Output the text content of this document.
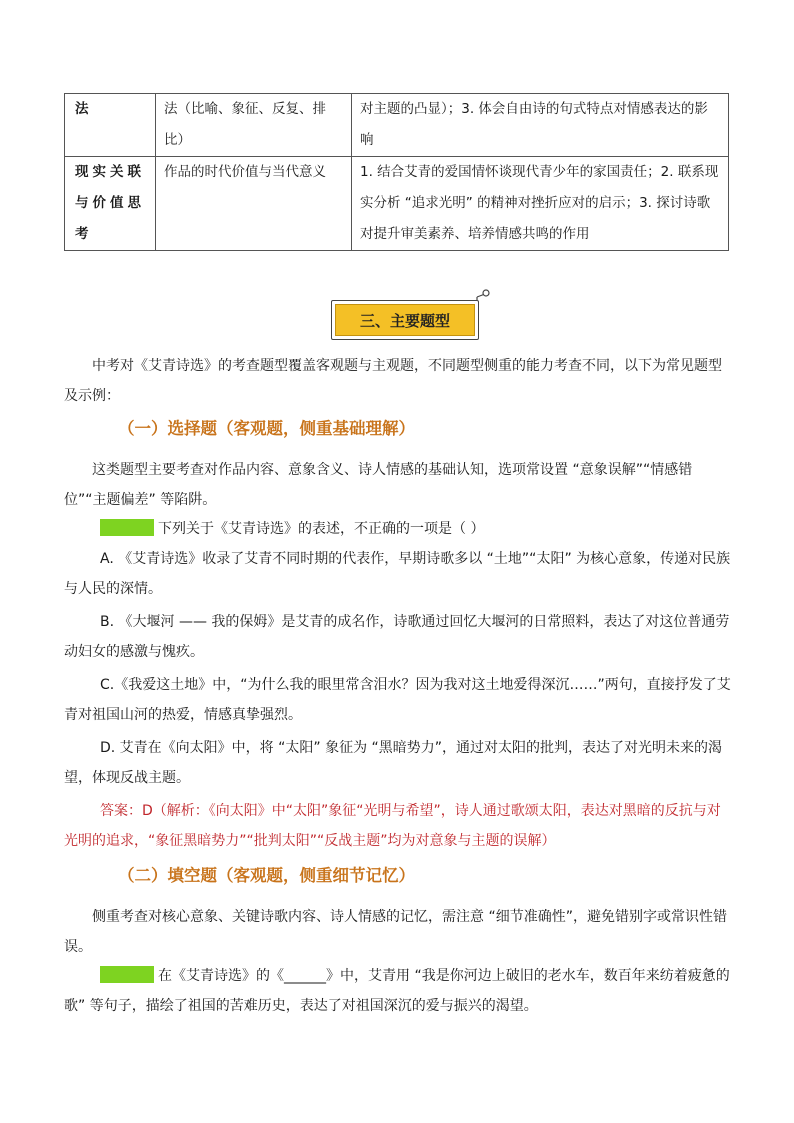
法	法（比喻、象征、反复、排比）	对主题的凸显）；3. 体会自由诗的句式特点对情感表达的影响
现实关联与价值思考	作品的时代价值与当代意义	1. 结合艾青的爱国情怀谈现代青少年的家国责任；2. 联系现实分析 “追求光明” 的精神对挫折应对的启示；3. 探讨诗歌对提升审美素养、培养情感共鸣的作用
三、主要题型
中考对《艾青诗选》的考查题型覆盖客观题与主观题，不同题型侧重的能力考查不同，以下为常见题型及示例：
（一）选择题（客观题，侧重基础理解）
这类题型主要考查对作品内容、意象含义、诗人情感的基础认知，选项常设置 “意象误解”“情感错位”“主题偏差” 等陷阱。
下列关于《艾青诗选》的表述，不正确的一项是（ ）
A. 《艾青诗选》收录了艾青不同时期的代表作，早期诗歌多以 “土地”“太阳” 为核心意象，传递对民族与人民的深情。
B. 《大堰河 —— 我的保姆》是艾青的成名作，诗歌通过回忆大堰河的日常照料，表达了对这位普通劳动妇女的感激与愧疚。
C.《我爱这土地》中，“为什么我的眼里常含泪水？因为我对这土地爱得深沉……”两句，直接抒发了艾青对祖国山河的热爱，情感真挚强烈。
D. 艾青在《向太阳》中，将 “太阳” 象征为 “黑暗势力”，通过对太阳的批判，表达了对光明未来的渴望，体现反战主题。
答案：D（解析：《向太阳》中“太阳”象征“光明与希望”，诗人通过歌颂太阳，表达对黑暗的反抗与对光明的追求，“象征黑暗势力”“批判太阳”“反战主题”均为对意象与主题的误解）
（二）填空题（客观题，侧重细节记忆）
侧重考查对核心意象、关键诗歌内容、诗人情感的记忆，需注意 “细节准确性”，避免错别字或常识性错误。
在《艾青诗选》的《______》中，艾青用 “我是你河边上破旧的老水车，数百年来纺着疲惫的歌” 等句子，描绘了祖国的苦难历史，表达了对祖国深沉的爱与振兴的渴望。
